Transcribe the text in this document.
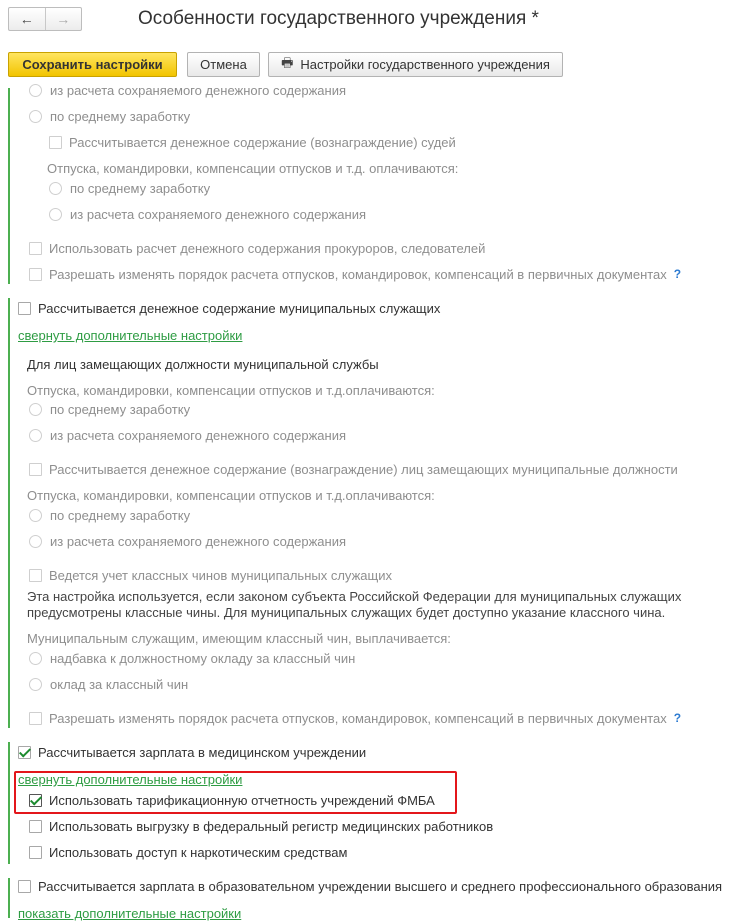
←	→	Особенности государственного учреждения *
Сохранить настройки	Отмена	🖶 Настройки государственного учреждения
из расчета сохраняемого денежного содержания
по среднему заработку
Рассчитывается денежное содержание (вознаграждение) судей
Отпуска, командировки, компенсации отпусков и т.д. оплачиваются:
по среднему заработку
из расчета сохраняемого денежного содержания
Использовать расчет денежного содержания прокуроров, следователей
Разрешать изменять порядок расчета отпусков, командировок, компенсаций в первичных документах ?
Рассчитывается денежное содержание муниципальных служащих
свернуть дополнительные настройки
Для лиц замещающих должности муниципальной службы
Отпуска, командировки, компенсации отпусков и т.д.оплачиваются:
по среднему заработку
из расчета сохраняемого денежного содержания
Рассчитывается денежное содержание (вознаграждение) лиц замещающих муниципальные должности
Отпуска, командировки, компенсации отпусков и т.д.оплачиваются:
по среднему заработку
из расчета сохраняемого денежного содержания
Ведется учет классных чинов муниципальных служащих
Эта настройка используется, если законом субъекта Российской Федерации для муниципальных служащих предусмотрены классные чины. Для муниципальных служащих будет доступно указание классного чина.
Муниципальным служащим, имеющим классный чин, выплачивается:
надбавка к должностному окладу за классный чин
оклад за классный чин
Разрешать изменять порядок расчета отпусков, командировок, компенсаций в первичных документах ?
Рассчитывается зарплата в медицинском учреждении
свернуть дополнительные настройки
Использовать тарификационную отчетность учреждений ФМБА
Использовать выгрузку в федеральный регистр медицинских работников
Использовать доступ к наркотическим средствам
Рассчитывается зарплата в образовательном учреждении высшего и среднего профессионального образования
показать дополнительные настройки
